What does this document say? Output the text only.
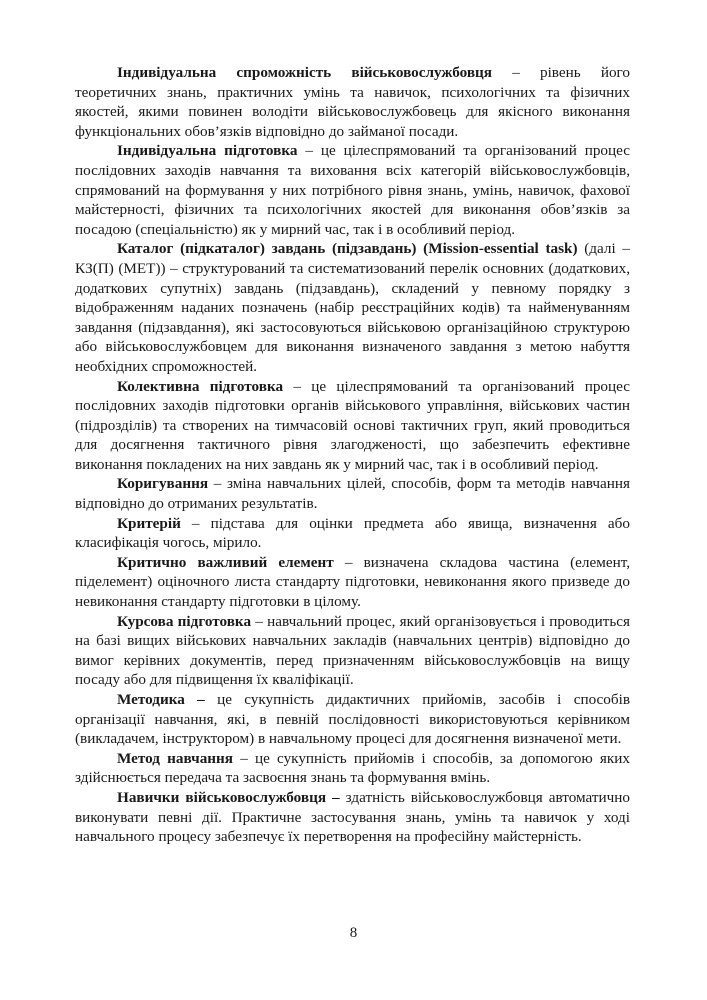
Індивідуальна спроможність військовослужбовця – рівень його теоретичних знань, практичних умінь та навичок, психологічних та фізичних якостей, якими повинен володіти військовослужбовець для якісного виконання функціональних обов’язків відповідно до займаної посади.

Індивідуальна підготовка – це цілеспрямований та організований процес послідовних заходів навчання та виховання всіх категорій військовослужбовців, спрямований на формування у них потрібного рівня знань, умінь, навичок, фахової майстерності, фізичних та психологічних якостей для виконання обов’язків за посадою (спеціальністю) як у мирний час, так і в особливий період.

Каталог (підкаталог) завдань (підзавдань) (Mission-essential task) (далі – КЗ(П) (MET)) – структурований та систематизований перелік основних (додаткових, додаткових супутніх) завдань (підзавдань), складений у певному порядку з відображенням наданих позначень (набір реєстраційних кодів) та найменуванням завдання (підзавдання), які застосовуються військовою організаційною структурою або військовослужбовцем для виконання визначеного завдання з метою набуття необхідних спроможностей.

Колективна підготовка – це цілеспрямований та організований процес послідовних заходів підготовки органів військового управління, військових частин (підрозділів) та створених на тимчасовій основі тактичних груп, який проводиться для досягнення тактичного рівня злагодженості, що забезпечить ефективне виконання покладених на них завдань як у мирний час, так і в особливий період.

Коригування – зміна навчальних цілей, способів, форм та методів навчання відповідно до отриманих результатів.

Критерій – підстава для оцінки предмета або явища, визначення або класифікація чогось, мірило.

Критично важливий елемент – визначена складова частина (елемент, піделемент) оціночного листа стандарту підготовки, невиконання якого призведе до невиконання стандарту підготовки в цілому.

Курсова підготовка – навчальний процес, який організовується і проводиться на базі вищих військових навчальних закладів (навчальних центрів) відповідно до вимог керівних документів, перед призначенням військовослужбовців на вищу посаду або для підвищення їх кваліфікації.

Методика – це сукупність дидактичних прийомів, засобів і способів організації навчання, які, в певній послідовності використовуються керівником (викладачем, інструктором) в навчальному процесі для досягнення визначеної мети.

Метод навчання – це сукупність прийомів і способів, за допомогою яких здійснюється передача та засвоєння знань та формування вмінь.

Навички військовослужбовця – здатність військовослужбовця автоматично виконувати певні дії. Практичне застосування знань, умінь та навичок у ході навчального процесу забезпечує їх перетворення на професійну майстерність.

8
